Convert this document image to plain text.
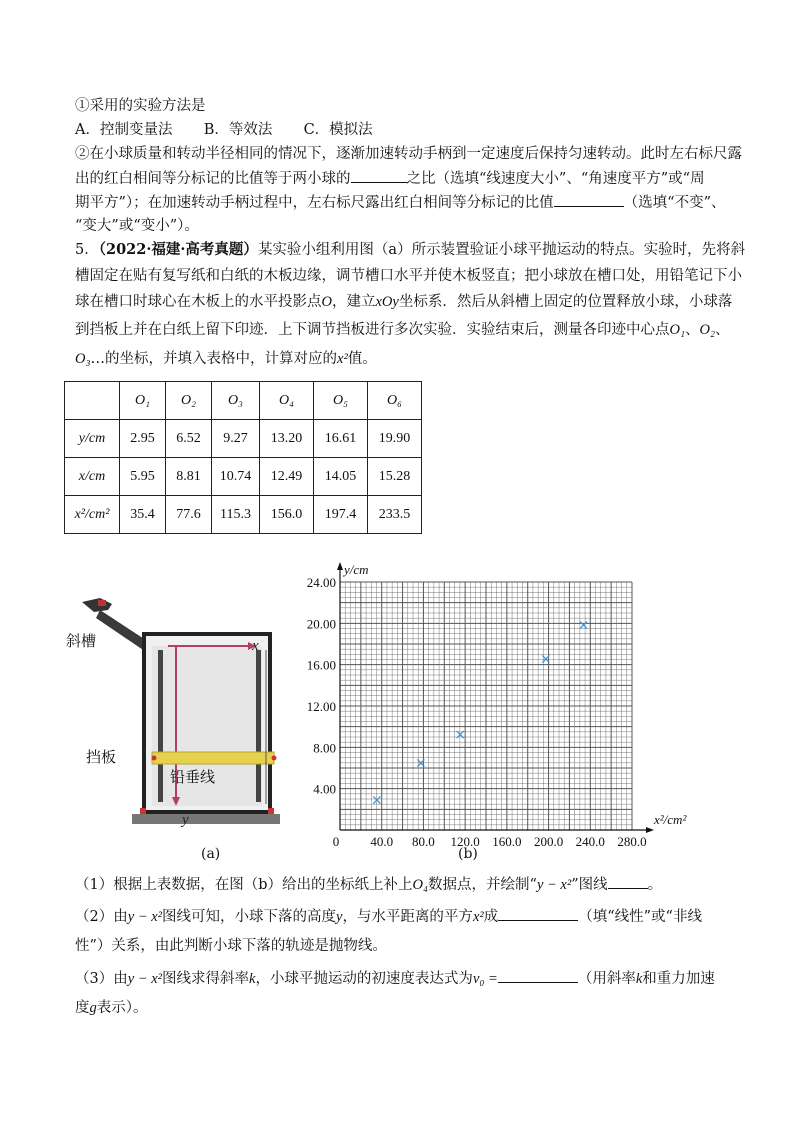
①采用的实验方法是
A．控制变量法 B．等效法 C．模拟法
②在小球质量和转动半径相同的情况下，逐渐加速转动手柄到一定速度后保持匀速转动。此时左右标尺露
出的红白相间等分标记的比值等于两小球的	之比（选填“线速度大小”、“角速度平方”或“周
期平方”）；在加速转动手柄过程中，左右标尺露出红白相间等分标记的比值	（选填“不变”、
“变大”或“变小”）。
5．（2022·福建·高考真题）某实验小组利用图（a）所示装置验证小球平抛运动的特点。实验时，先将斜
槽固定在贴有复写纸和白纸的木板边缘，调节槽口水平并使木板竖直；把小球放在槽口处，用铅笔记下小
球在槽口时球心在木板上的水平投影点O，建立xOy坐标系．然后从斜槽上固定的位置释放小球，小球落
到挡板上并在白纸上留下印迹．上下调节挡板进行多次实验．实验结束后，测量各印迹中心点O₁、O₂、
O₃…的坐标，并填入表格中，计算对应的x²值。
	O₁	O₂	O₃	O₄	O₅	O₆
y/cm	2.95	6.52	9.27	13.20	16.61	19.90
x/cm	5.95	8.81	10.74	12.49	14.05	15.28
x²/cm²	35.4	77.6	115.3	156.0	197.4	233.5
斜槽
挡板
铅垂线
x
y
(a)
0 40.0 80.0 120.0 160.0 200.0 240.0 280.0
4.00
8.00
12.00
16.00
20.00
24.00
x²/cm²
y/cm
×
×
×
×
×
(b)
（1）根据上表数据，在图（b）给出的坐标纸上补上O₄数据点，并绘制“y − x²”图线	。
（2）由y − x²图线可知，小球下落的高度y，与水平距离的平方x²成	（填“线性”或“非线
性”）关系，由此判断小球下落的轨迹是抛物线。
（3）由y − x²图线求得斜率k，小球平抛运动的初速度表达式为v₀ =	（用斜率k和重力加速
度g表示）。
